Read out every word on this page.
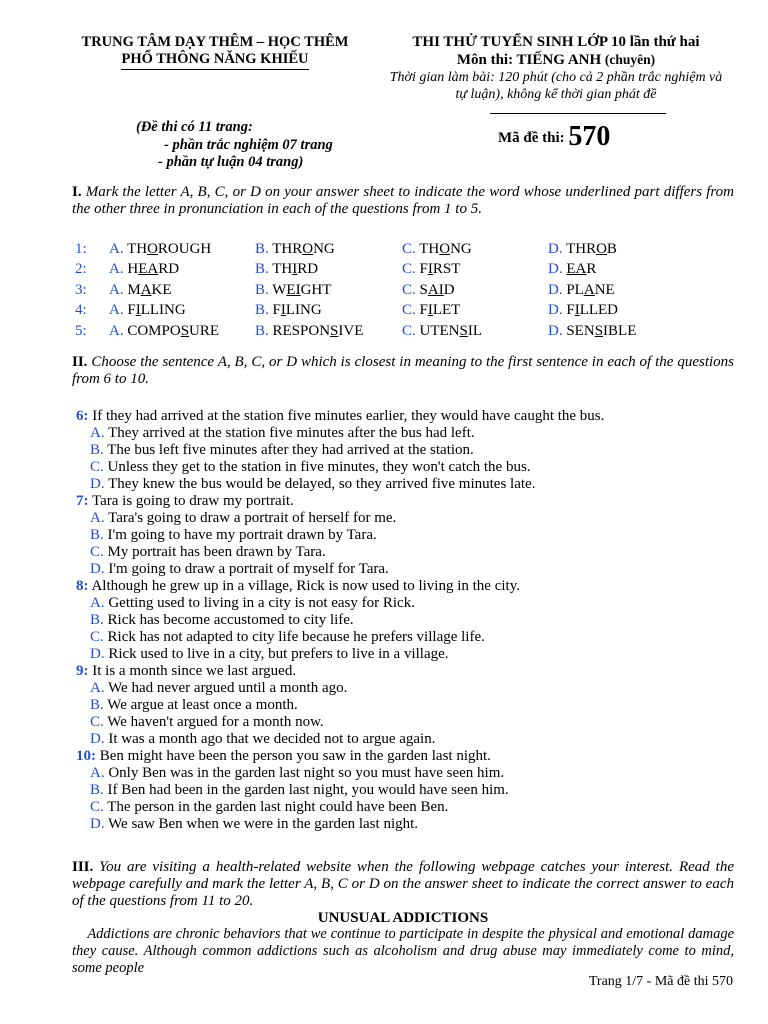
TRUNG TÂM DẠY THÊM – HỌC THÊM
PHỔ THÔNG NĂNG KHIẾU
THI THỬ TUYỂN SINH LỚP 10 lần thứ hai
Môn thi: TIẾNG ANH (chuyên)
Thời gian làm bài: 120 phút (cho cả 2 phần trắc nghiệm và
tự luận), không kể thời gian phát đề
(Đề thi có 11 trang:
- phần trắc nghiệm 07 trang
- phần tự luận 04 trang)
Mã đề thi: 570
I. Mark the letter A, B, C, or D on your answer sheet to indicate the word whose underlined part differs from the other three in pronunciation in each of the questions from 1 to 5.
1: A. THOROUGH	B. THRONG	C. THONG	D. THROB
2: A. HEARD	B. THIRD	C. FIRST	D. EAR
3: A. MAKE	B. WEIGHT	C. SAID	D. PLANE
4: A. FILLING	B. FILING	C. FILET	D. FILLED
5: A. COMPOSURE B. RESPONSIVE	C. UTENSIL	D. SENSIBLE
II. Choose the sentence A, B, C, or D which is closest in meaning to the first sentence in each of the questions from 6 to 10.
6: If they had arrived at the station five minutes earlier, they would have caught the bus.
A. They arrived at the station five minutes after the bus had left.
B. The bus left five minutes after they had arrived at the station.
C. Unless they get to the station in five minutes, they won't catch the bus.
D. They knew the bus would be delayed, so they arrived five minutes late.
7: Tara is going to draw my portrait.
A. Tara's going to draw a portrait of herself for me.
B. I'm going to have my portrait drawn by Tara.
C. My portrait has been drawn by Tara.
D. I'm going to draw a portrait of myself for Tara.
8: Although he grew up in a village, Rick is now used to living in the city.
A. Getting used to living in a city is not easy for Rick.
B. Rick has become accustomed to city life.
C. Rick has not adapted to city life because he prefers village life.
D. Rick used to live in a city, but prefers to live in a village.
9: It is a month since we last argued.
A. We had never argued until a month ago.
B. We argue at least once a month.
C. We haven't argued for a month now.
D. It was a month ago that we decided not to argue again.
10: Ben might have been the person you saw in the garden last night.
A. Only Ben was in the garden last night so you must have seen him.
B. If Ben had been in the garden last night, you would have seen him.
C. The person in the garden last night could have been Ben.
D. We saw Ben when we were in the garden last night.
III. You are visiting a health-related website when the following webpage catches your interest. Read the webpage carefully and mark the letter A, B, C or D on the answer sheet to indicate the correct answer to each of the questions from 11 to 20.
UNUSUAL ADDICTIONS
Addictions are chronic behaviors that we continue to participate in despite the physical and emotional damage they cause. Although common addictions such as alcoholism and drug abuse may immediately come to mind, some people
Trang 1/7 - Mã đề thi 570
